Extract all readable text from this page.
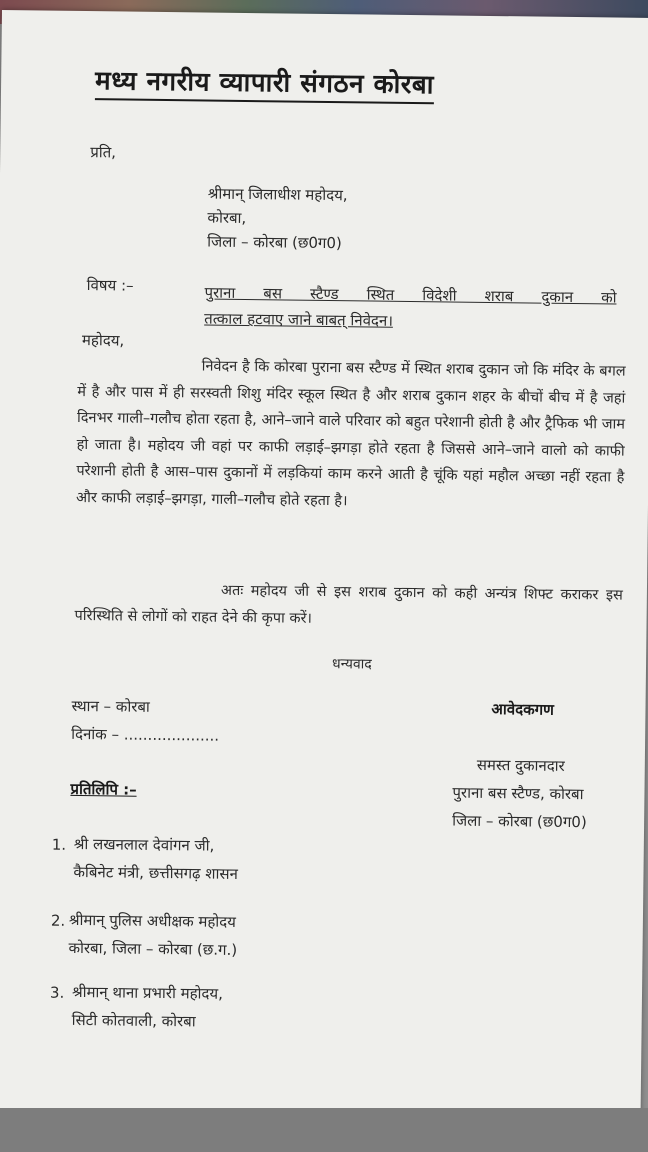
मध्य नगरीय व्यापारी संगठन कोरबा
प्रति,
श्रीमान् जिलाधीश महोदय,
कोरबा,
जिला – कोरबा (छ0ग0)
विषय :–	पुराना बस स्टैण्ड स्थित विदेशी शराब दुकान को
तत्काल हटवाए जाने बाबत् निवेदन।
महोदय,

निवेदन है कि कोरबा पुराना बस स्टैण्ड में स्थित शराब दुकान जो कि मंदिर के बगल में है और पास में ही सरस्वती शिशु मंदिर स्कूल स्थित है और शराब दुकान शहर के बीचों बीच में है जहां दिनभर गाली–गलौच होता रहता है, आने–जाने वाले परिवार को बहुत परेशानी होती है और ट्रैफिक भी जाम हो जाता है। महोदय जी वहां पर काफी लड़ाई–झगड़ा होते रहता है जिससे आने–जाने वालो को काफी परेशानी होती है आस–पास दुकानों में लड़कियां काम करने आती है चूंकि यहां महौल अच्छा नहीं रहता है और काफी लड़ाई–झगड़ा, गाली–गलौच होते रहता है।

अतः महोदय जी से इस शराब दुकान को कही अन्यंत्र शिफ्ट कराकर इस परिस्थिति से लोगों को राहत देने की कृपा करें।

धन्यवाद
स्थान – कोरबा
दिनांक – ....................
आवेदकगण
समस्त दुकानदार
पुराना बस स्टैण्ड, कोरबा
जिला – कोरबा (छ0ग0)
प्रतिलिपि :–
1. श्री लखनलाल देवांगन जी,
कैबिनेट मंत्री, छत्तीसगढ़ शासन
2. श्रीमान् पुलिस अधीक्षक महोदय
कोरबा, जिला – कोरबा (छ.ग.)
3. श्रीमान् थाना प्रभारी महोदय,
सिटी कोतवाली, कोरबा
